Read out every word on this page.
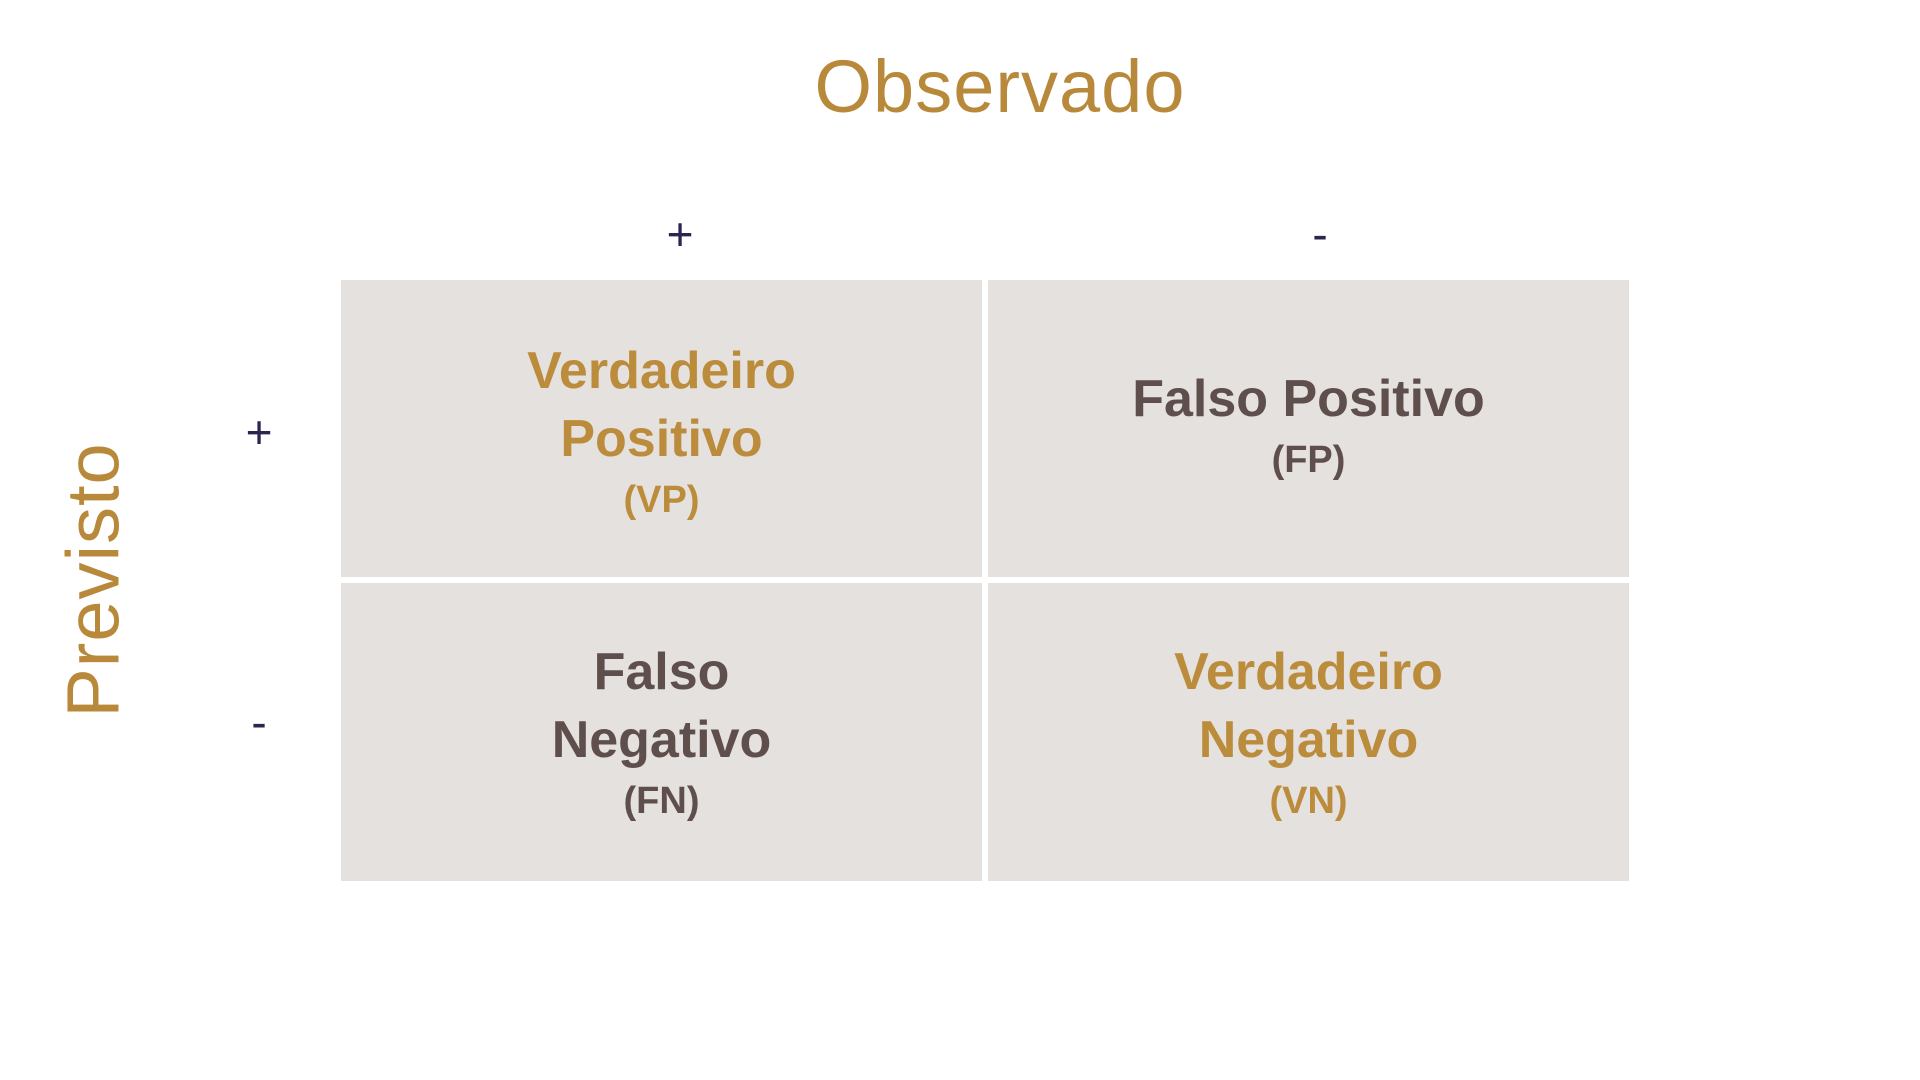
Observado
Previsto
+	-
+
-
Verdadeiro
Positivo
(VP)
Falso Positivo
(FP)
Falso
Negativo
(FN)
Verdadeiro
Negativo
(VN)
